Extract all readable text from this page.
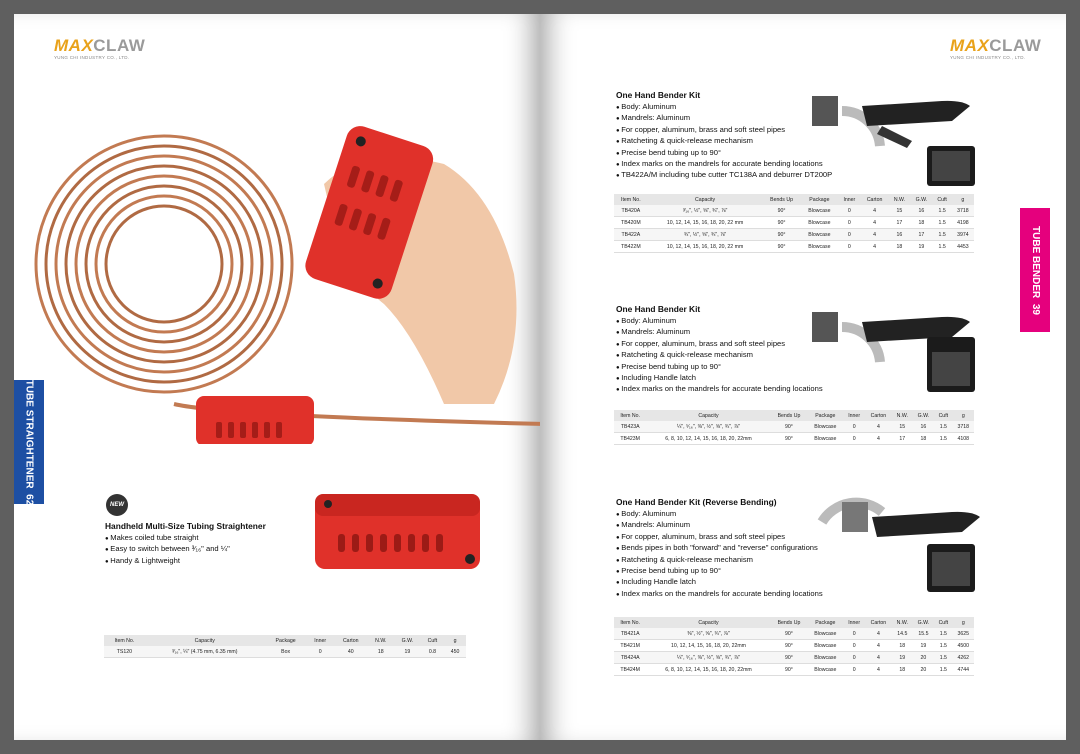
MAXCLAW
YUNG CHI INDUSTRY CO., LTD.
TUBE STRAIGHTENER  62
NEW
Handheld Multi-Size Tubing Straightener
● Makes coiled tube straight
● Easy to switch between ³⁄₁₆" and ¼"
● Handy & Lightweight
Item No.	Capacity	Package	Inner	Carton	N.W.	G.W.	Cuft	g
TS120	³⁄₁₆", ¼" (4.75 mm, 6.35 mm)	Box	0	40	18	19	0.8	450
MAXCLAW
YUNG CHI INDUSTRY CO., LTD.
TUBE BENDER  39
One Hand Bender Kit
● Body: Aluminum
● Mandrels: Aluminum
● For copper, aluminum, brass and soft steel pipes
● Ratcheting & quick-release mechanism
● Precise bend tubing up to 90°
● Index marks on the mandrels for accurate bending locations
● TB422A/M including tube cutter TC138A and deburrer DT200P
Item No.	Capacity	Bends Up	Package	Inner	Carton	N.W.	G.W.	Cuft	g
TB420A	³⁄₁₆", ½", ⅝", ¾", ⅞"	90°	Blowcase	0	4	15	16	1.5	3718
TB420M	10, 12, 14, 15, 16, 18, 20, 22 mm	90°	Blowcase	0	4	17	18	1.5	4198
TB422A	¾", ½", ⅝", ¾", ⅞"	90°	Blowcase	0	4	16	17	1.5	3974
TB422M	10, 12, 14, 15, 16, 18, 20, 22 mm	90°	Blowcase	0	4	18	19	1.5	4453
One Hand Bender Kit
● Body: Aluminum
● Mandrels: Aluminum
● For copper, aluminum, brass and soft steel pipes
● Ratcheting & quick-release mechanism
● Precise bend tubing up to 90°
● Including Handle latch
● Index marks on the mandrels for accurate bending locations
Item No.	Capacity	Bends Up	Package	Inner	Carton	N.W.	G.W.	Cuft	g
TB423A	¼", ⁵⁄₁₆", ⅜", ½", ⅝", ¾", ⅞"	90°	Blowcase	0	4	15	16	1.5	3718
TB423M	6, 8, 10, 12, 14, 15, 16, 18, 20, 22mm	90°	Blowcase	0	4	17	18	1.5	4108
One Hand Bender Kit (Reverse Bending)
● Body: Aluminum
● Mandrels: Aluminum
● For copper, aluminum, brass and soft steel pipes
● Bends pipes in both "forward" and "reverse" configurations
● Ratcheting & quick-release mechanism
● Precise bend tubing up to 90°
● Including Handle latch
● Index marks on the mandrels for accurate bending locations
Item No.	Capacity	Bends Up	Package	Inner	Carton	N.W.	G.W.	Cuft	g
TB421A	⅜", ½", ⅝", ¾", ⅞"	90°	Blowcase	0	4	14.5	15.5	1.5	3625
TB421M	10, 12, 14, 15, 16, 18, 20, 22mm	90°	Blowcase	0	4	18	19	1.5	4500
TB424A	¼", ⁵⁄₁₆", ⅜", ½", ⅝", ¾", ⅞"	90°	Blowcase	0	4	19	20	1.5	4262
TB424M	6, 8, 10, 12, 14, 15, 16, 18, 20, 22mm	90°	Blowcase	0	4	18	20	1.5	4744
